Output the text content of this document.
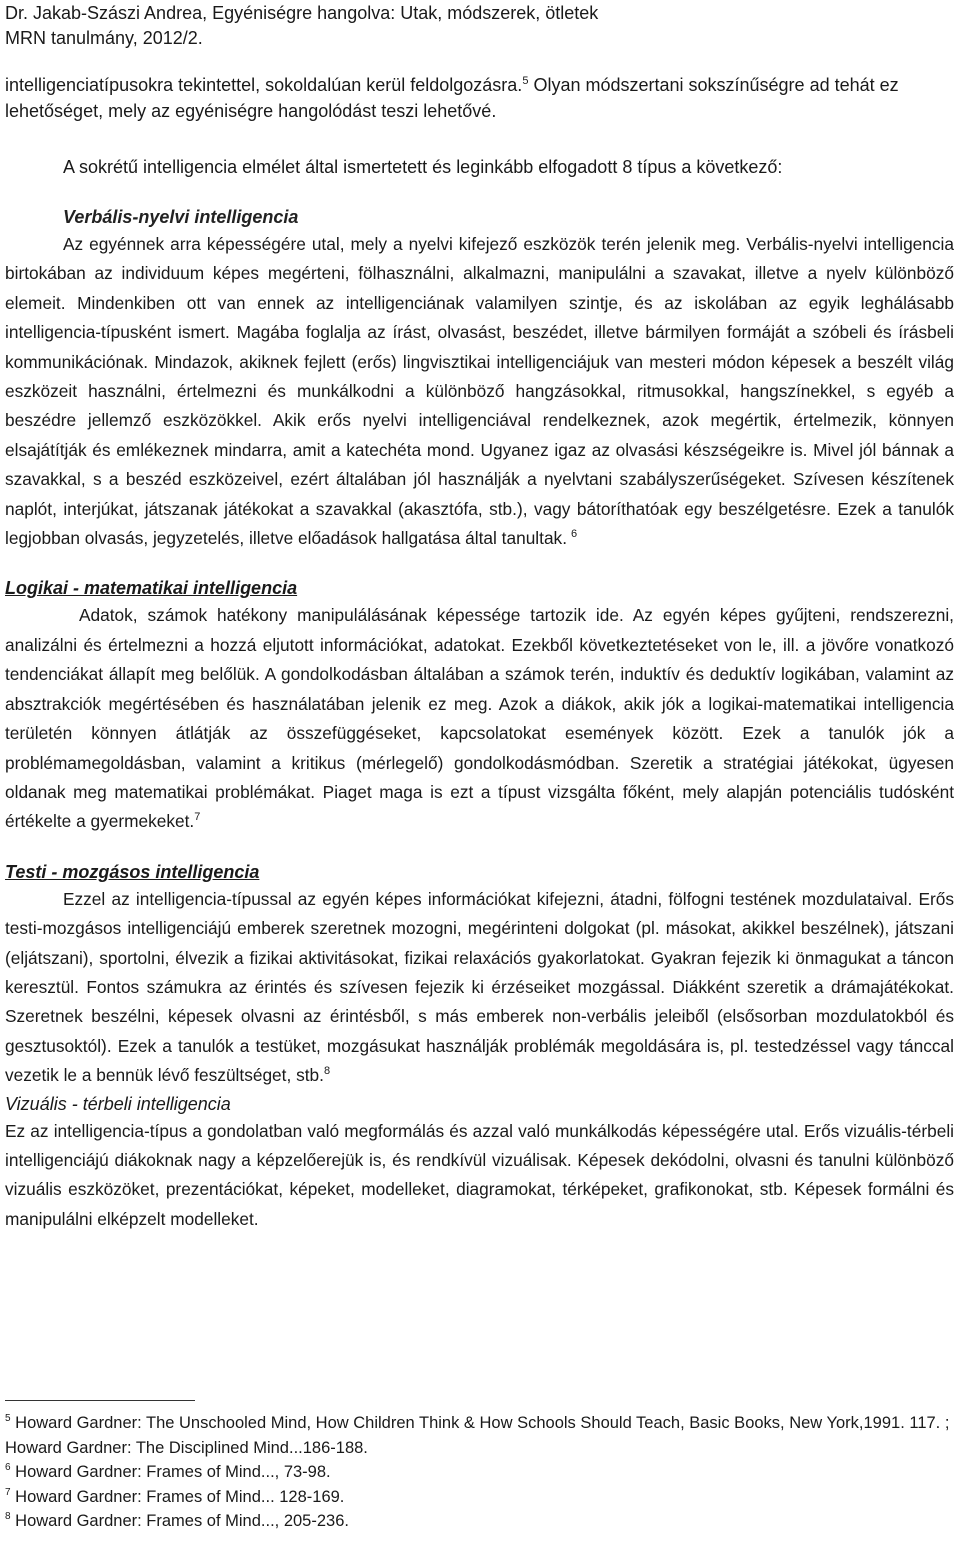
Dr. Jakab-Szászi Andrea, Egyéniségre hangolva: Utak, módszerek, ötletek
MRN tanulmány, 2012/2.

intelligenciatípusokra tekintettel, sokoldalúan kerül feldolgozásra.$^5$ Olyan módszertani sokszínűségre ad tehát ez lehetőséget, mely az egyéniségre hangolódást teszi lehetővé.

A sokrétű intelligencia elmélet által ismertetett és leginkább elfogadott 8 típus a következő:

Verbális-nyelvi intelligencia

Az egyénnek arra képességére utal, mely a nyelvi kifejező eszközök terén jelenik meg. Verbális-nyelvi intelligencia birtokában az individuum képes megérteni, fölhasználni, alkalmazni, manipulálni a szavakat, illetve a nyelv különböző elemeit. Mindenkiben ott van ennek az intelligenciának valamilyen szintje, és az iskolában az egyik leghálásabb intelligencia-típusként ismert. Magába foglalja az írást, olvasást, beszédet, illetve bármilyen formáját a szóbeli és írásbeli kommunikációnak. Mindazok, akiknek fejlett (erős) lingvisztikai intelligenciájuk van mesteri módon képesek a beszélt világ eszközeit használni, értelmezni és munkálkodni a különböző hangzásokkal, ritmusokkal, hangszínekkel, s egyéb a beszédre jellemző eszközökkel. Akik erős nyelvi intelligenciával rendelkeznek, azok megértik, értelmezik, könnyen elsajátítják és emlékeznek mindarra, amit a katechéta mond. Ugyanez igaz az olvasási készségeikre is. Mivel jól bánnak a szavakkal, s a beszéd eszközeivel, ezért általában jól használják a nyelvtani szabályszerűségeket. Szívesen készítenek naplót, interjúkat, játszanak játékokat a szavakkal (akasztófa, stb.), vagy bátoríthatóak egy beszélgetésre. Ezek a tanulók legjobban olvasás, jegyzetelés, illetve előadások hallgatása által tanultak. $^6$

Logikai - matematikai intelligencia

Adatok, számok hatékony manipulálásának képessége tartozik ide. Az egyén képes gyűjteni, rendszerezni, analizálni és értelmezni a hozzá eljutott információkat, adatokat. Ezekből következtetéseket von le, ill. a jövőre vonatkozó tendenciákat állapít meg belőlük. A gondolkodásban általában a számok terén, induktív és deduktív logikában, valamint az absztrakciók megértésében és használatában jelenik ez meg. Azok a diákok, akik jók a logikai-matematikai intelligencia területén könnyen átlátják az összefüggéseket, kapcsolatokat események között. Ezek a tanulók jók a problémamegoldásban, valamint a kritikus (mérlegelő) gondolkodásmódban. Szeretik a stratégiai játékokat, ügyesen oldanak meg matematikai problémákat. Piaget maga is ezt a típust vizsgálta főként, mely alapján potenciális tudósként értékelte a gyermekeket.$^7$

Testi - mozgásos intelligencia

Ezzel az intelligencia-típussal az egyén képes információkat kifejezni, átadni, fölfogni testének mozdulataival. Erős testi-mozgásos intelligenciájú emberek szeretnek mozogni, megérinteni dolgokat (pl. másokat, akikkel beszélnek), játszani (eljátszani), sportolni, élvezik a fizikai aktivitásokat, fizikai relaxációs gyakorlatokat. Gyakran fejezik ki önmagukat a táncon keresztül. Fontos számukra az érintés és szívesen fejezik ki érzéseiket mozgással. Diákként szeretik a drámajátékokat. Szeretnek beszélni, képesek olvasni az érintésből, s más emberek non-verbális jeleiből (elsősorban mozdulatokból és gesztusoktól). Ezek a tanulók a testüket, mozgásukat használják problémák megoldására is, pl. testedzéssel vagy tánccal vezetik le a bennük lévő feszültséget, stb.$^8$

Vizuális - térbeli intelligencia

Ez az intelligencia-típus a gondolatban való megformálás és azzal való munkálkodás képességére utal. Erős vizuális-térbeli intelligenciájú diákoknak nagy a képzelőerejük is, és rendkívül vizuálisak. Képesek dekódolni, olvasni és tanulni különböző vizuális eszközöket, prezentációkat, képeket, modelleket, diagramokat, térképeket, grafikonokat, stb. Képesek formálni és manipulálni elképzelt modelleket.

$^5$ Howard Gardner: The Unschooled Mind, How Children Think & How Schools Should Teach, Basic Books, New York,1991. 117. ; Howard Gardner: The Disciplined Mind...186-188.

$^6$ Howard Gardner: Frames of Mind..., 73-98.

$^7$ Howard Gardner: Frames of Mind... 128-169.

$^8$ Howard Gardner: Frames of Mind..., 205-236.
